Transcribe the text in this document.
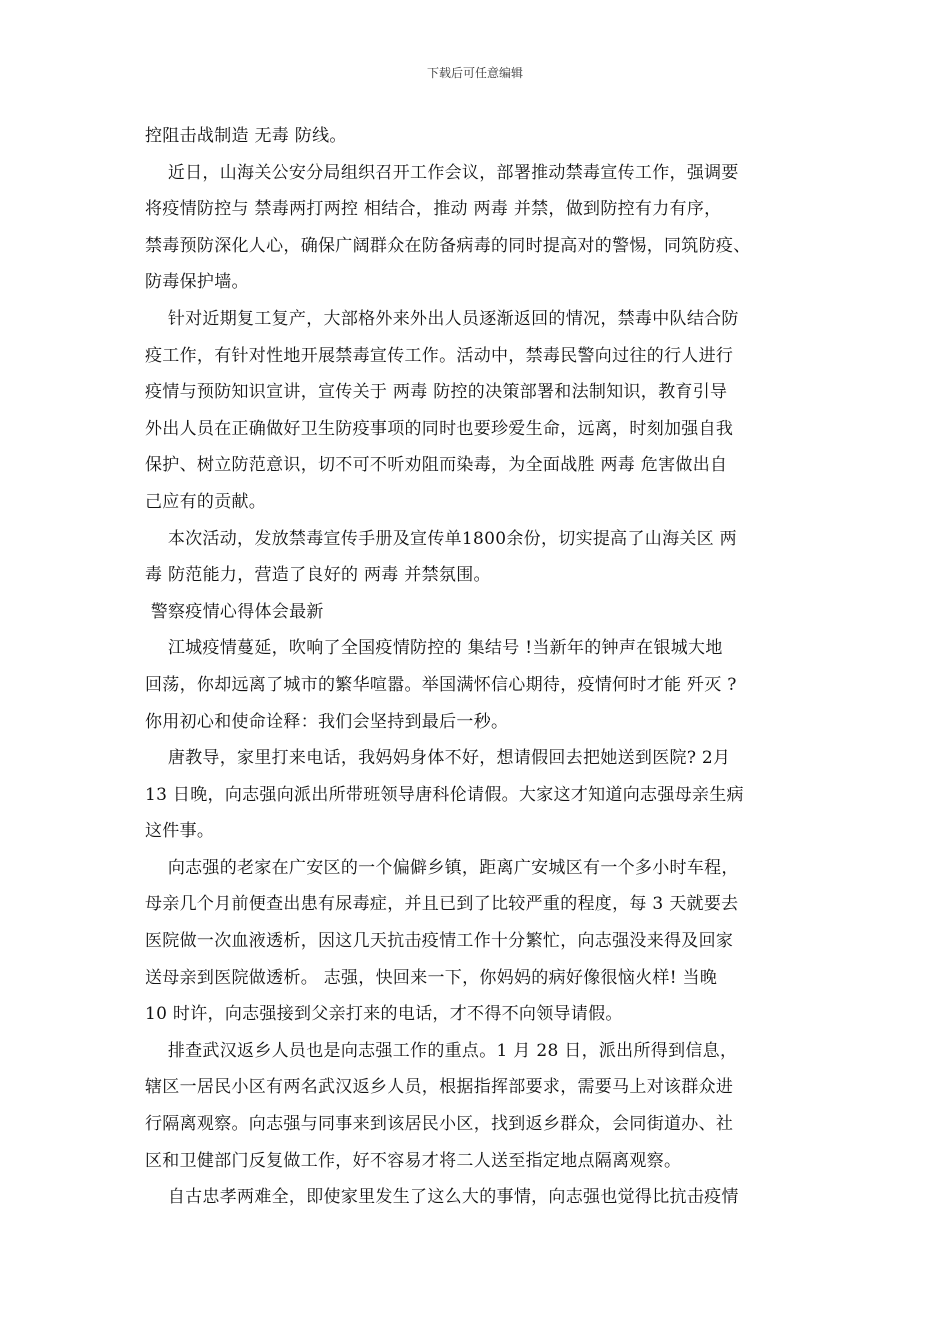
下载后可任意编辑
控阻击战制造 无毒 防线。
近日，山海关公安分局组织召开工作会议，部署推动禁毒宣传工作，强调要
将疫情防控与 禁毒两打两控 相结合，推动 两毒 并禁，做到防控有力有序，
禁毒预防深化人心，确保广阔群众在防备病毒的同时提高对的警惕，同筑防疫、
防毒保护墙。
针对近期复工复产，大部格外来外出人员逐渐返回的情况，禁毒中队结合防
疫工作，有针对性地开展禁毒宣传工作。活动中，禁毒民警向过往的行人进行
疫情与预防知识宣讲，宣传关于 两毒 防控的决策部署和法制知识，教育引导
外出人员在正确做好卫生防疫事项的同时也要珍爱生命，远离，时刻加强自我
保护、树立防范意识，切不可不听劝阻而染毒，为全面战胜 两毒 危害做出自
己应有的贡献。
本次活动，发放禁毒宣传手册及宣传单1800余份，切实提高了山海关区 两
毒 防范能力，营造了良好的 两毒 并禁氛围。
警察疫情心得体会最新
江城疫情蔓延，吹响了全国疫情防控的 集结号 !当新年的钟声在银城大地
回荡，你却远离了城市的繁华喧嚣。举国满怀信心期待，疫情何时才能 歼灭 ?
你用初心和使命诠释：我们会坚持到最后一秒。
唐教导，家里打来电话，我妈妈身体不好，想请假回去把她送到医院? 2月
13 日晚，向志强向派出所带班领导唐科伦请假。大家这才知道向志强母亲生病
这件事。
向志强的老家在广安区的一个偏僻乡镇，距离广安城区有一个多小时车程，
母亲几个月前便查出患有尿毒症，并且已到了比较严重的程度，每 3 天就要去
医院做一次血液透析，因这几天抗击疫情工作十分繁忙，向志强没来得及回家
送母亲到医院做透析。 志强，快回来一下，你妈妈的病好像很恼火样! 当晚
10 时许，向志强接到父亲打来的电话，才不得不向领导请假。
排查武汉返乡人员也是向志强工作的重点。1 月 28 日，派出所得到信息，
辖区一居民小区有两名武汉返乡人员，根据指挥部要求，需要马上对该群众进
行隔离观察。向志强与同事来到该居民小区，找到返乡群众，会同街道办、社
区和卫健部门反复做工作，好不容易才将二人送至指定地点隔离观察。
自古忠孝两难全，即使家里发生了这么大的事情，向志强也觉得比抗击疫情
